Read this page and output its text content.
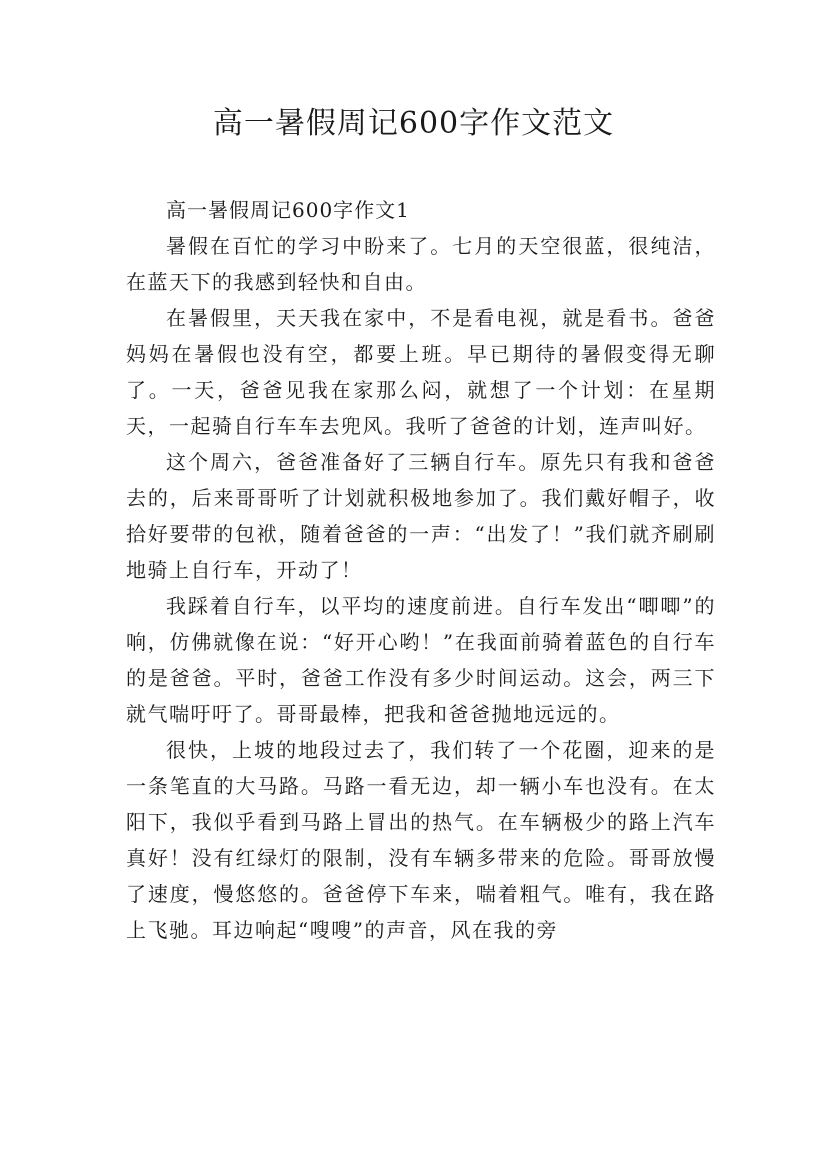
高一暑假周记600字作文范文

高一暑假周记600字作文1

暑假在百忙的学习中盼来了。七月的天空很蓝，很纯洁，在蓝天下的我感到轻快和自由。

在暑假里，天天我在家中，不是看电视，就是看书。爸爸妈妈在暑假也没有空，都要上班。早已期待的暑假变得无聊了。一天，爸爸见我在家那么闷，就想了一个计划：在星期天，一起骑自行车车去兜风。我听了爸爸的计划，连声叫好。

这个周六，爸爸准备好了三辆自行车。原先只有我和爸爸去的，后来哥哥听了计划就积极地参加了。我们戴好帽子，收拾好要带的包袱，随着爸爸的一声：“出发了！”我们就齐刷刷地骑上自行车，开动了！

我踩着自行车，以平均的速度前进。自行车发出“唧唧”的响，仿佛就像在说：“好开心哟！”在我面前骑着蓝色的自行车的是爸爸。平时，爸爸工作没有多少时间运动。这会，两三下就气喘吁吁了。哥哥最棒，把我和爸爸抛地远远的。

很快，上坡的地段过去了，我们转了一个花圈，迎来的是一条笔直的大马路。马路一看无边，却一辆小车也没有。在太阳下，我似乎看到马路上冒出的热气。在车辆极少的路上汽车真好！没有红绿灯的限制，没有车辆多带来的危险。哥哥放慢了速度，慢悠悠的。爸爸停下车来，喘着粗气。唯有，我在路上飞驰。耳边响起“嗖嗖”的声音，风在我的旁
